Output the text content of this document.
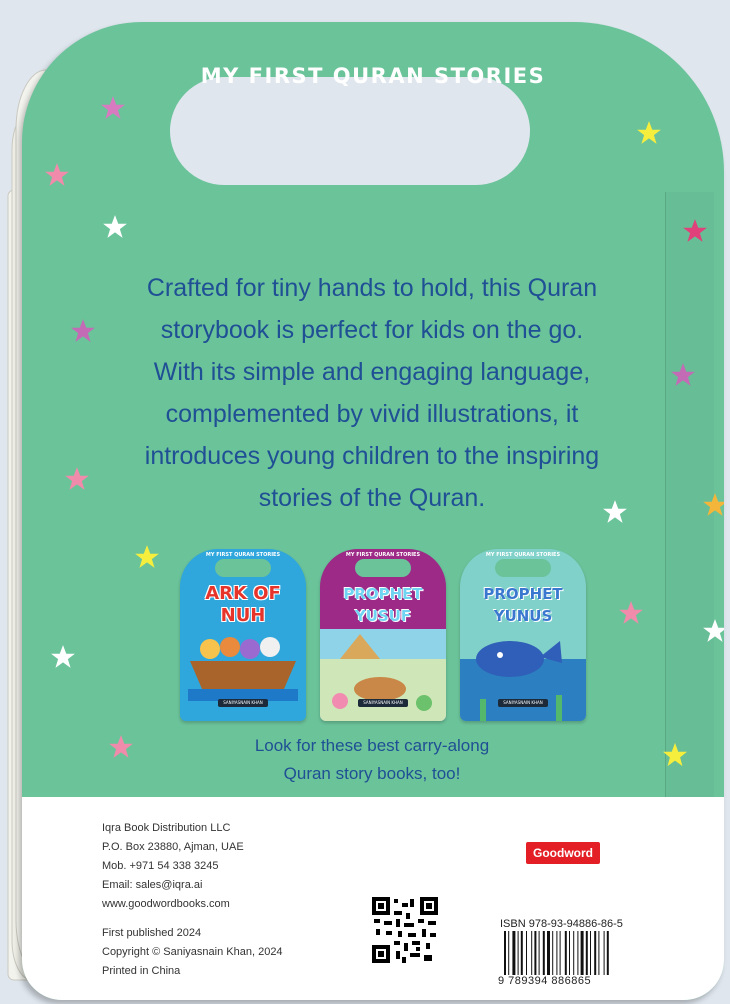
MY FIRST QURAN STORIES
Crafted for tiny hands to hold, this Quran
storybook is perfect for kids on the go.
With its simple and engaging language,
complemented by vivid illustrations, it
introduces young children to the inspiring
stories of the Quran.
MY FIRST QURAN STORIES
ARK OF
NUH
SANIYASNAIN KHAN
MY FIRST QURAN STORIES
PROPHET
YUSUF
SANIYASNAIN KHAN
MY FIRST QURAN STORIES
PROPHET
YUNUS
SANIYASNAIN KHAN
Look for these best carry-along
Quran story books, too!
Iqra Book Distribution LLC
P.O. Box 23880, Ajman, UAE
Mob. +971 54 338 3245
Email: sales@iqra.ai
www.goodwordbooks.com
First published 2024
Copyright © Saniyasnain Khan, 2024
Printed in China
Goodword
ISBN 978-93-94886-86-5
9 789394 886865
